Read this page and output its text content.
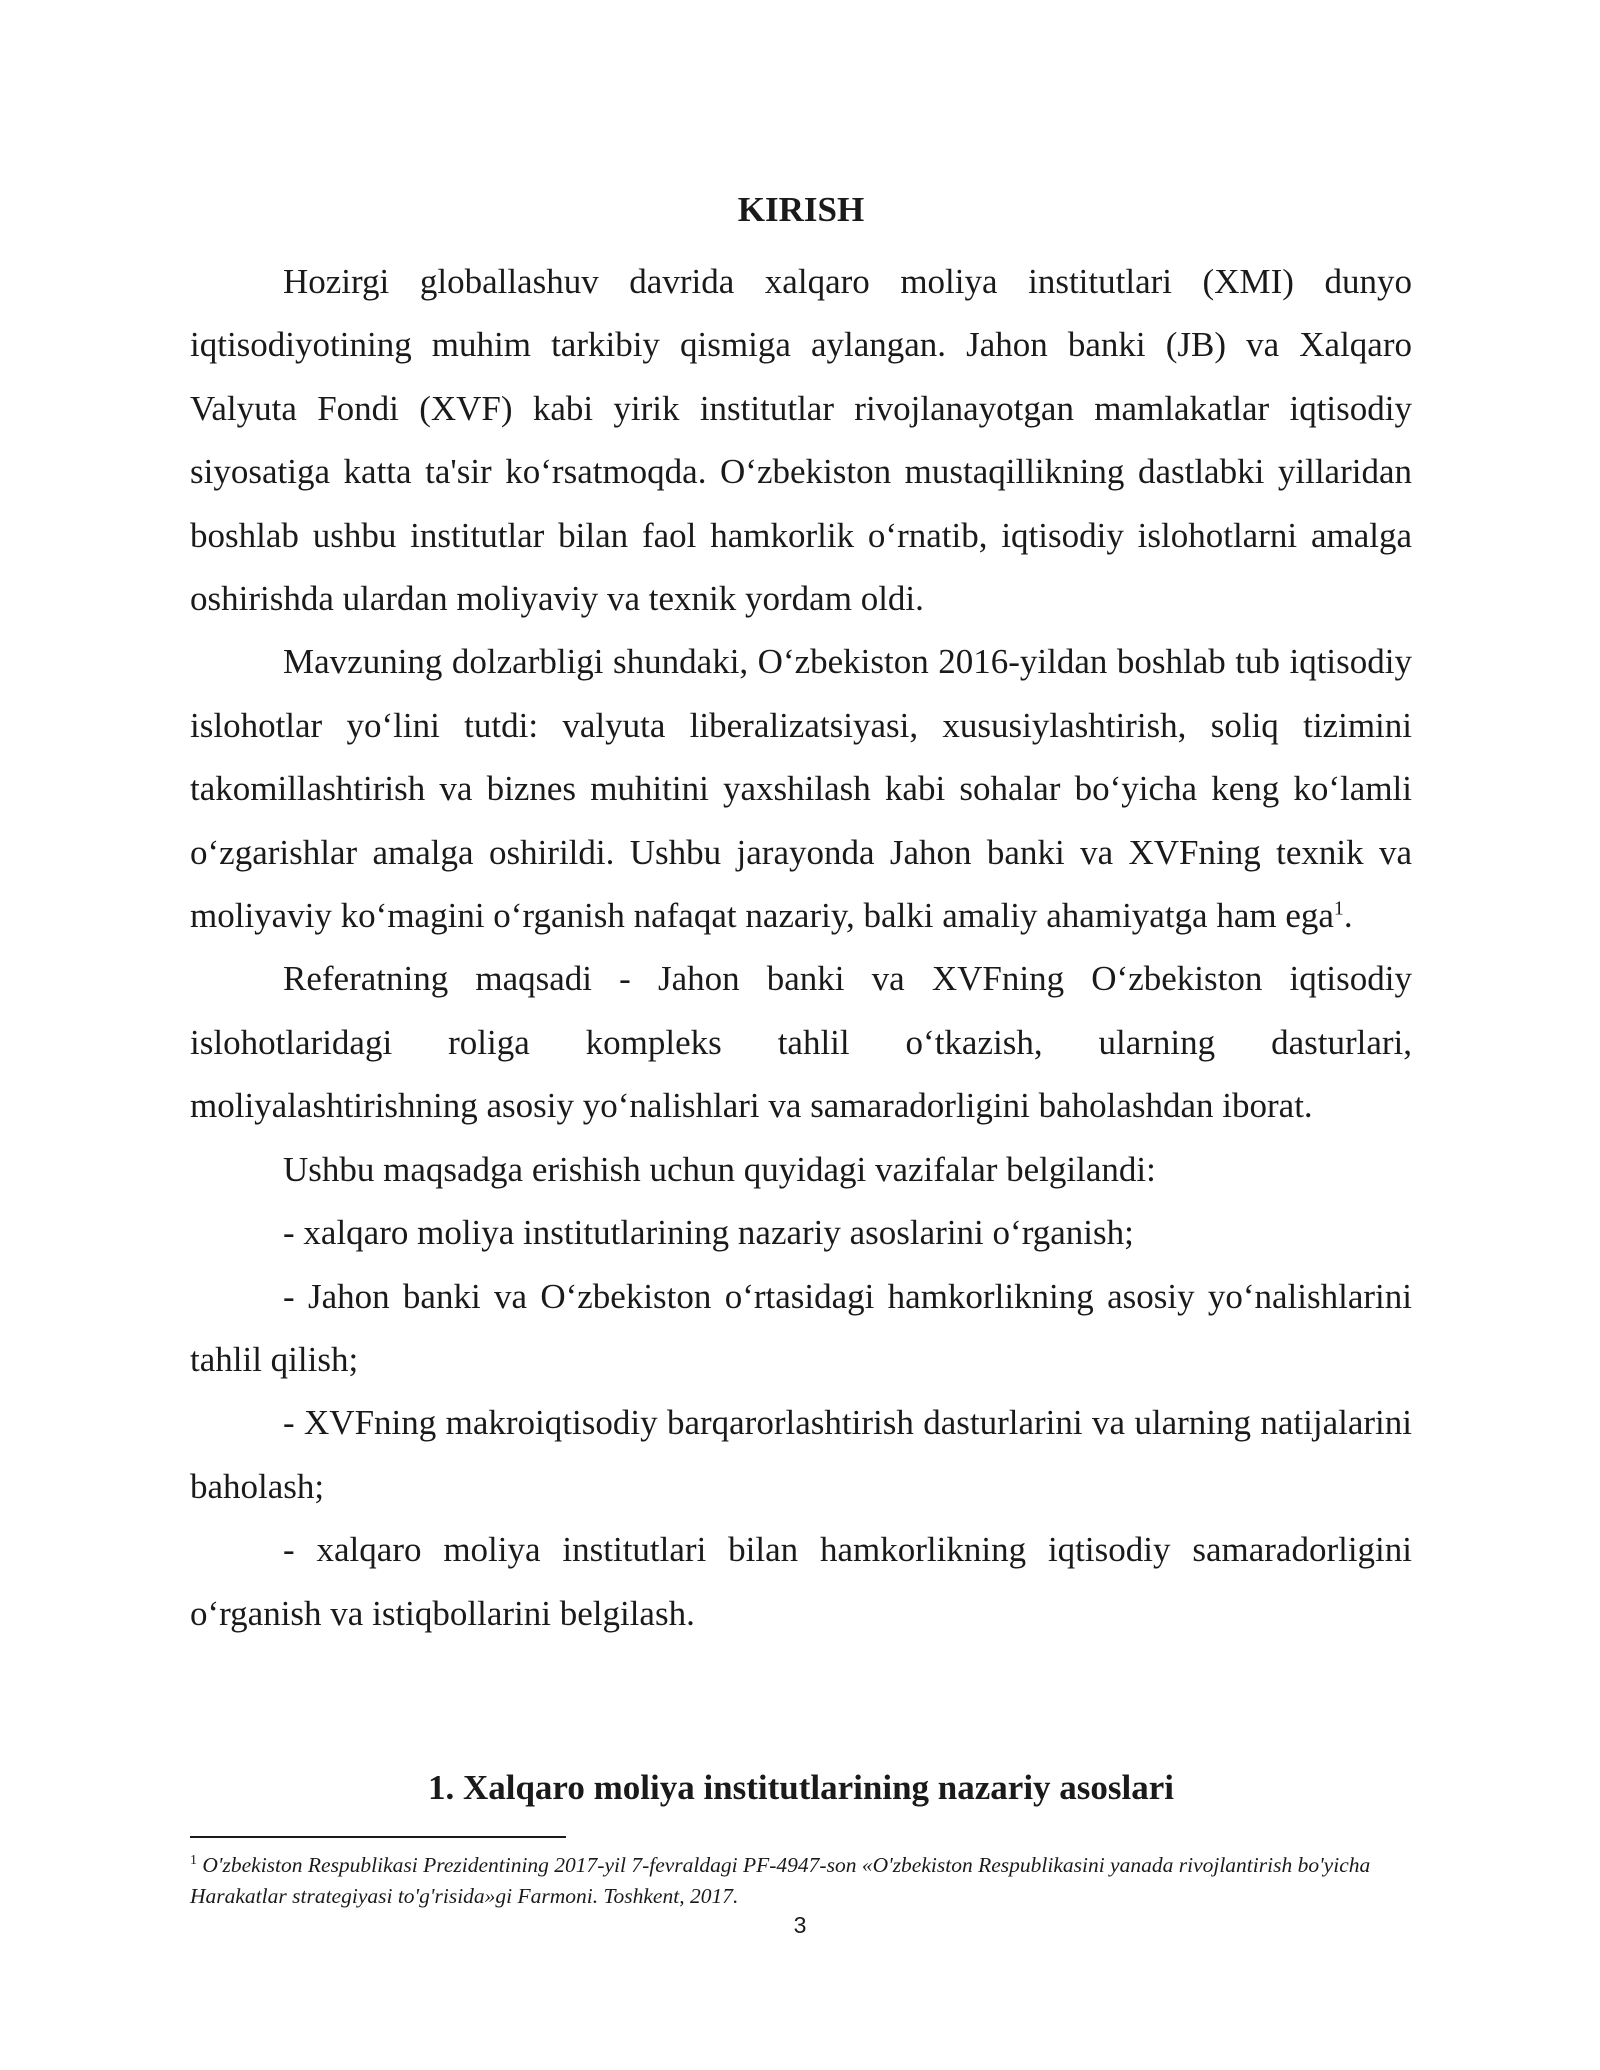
KIRISH

Hozirgi globallashuv davrida xalqaro moliya institutlari (XMI) dunyo iqtisodiyotining muhim tarkibiy qismiga aylangan. Jahon banki (JB) va Xalqaro Valyuta Fondi (XVF) kabi yirik institutlar rivojlanayotgan mamlakatlar iqtisodiy siyosatiga katta ta'sir ko‘rsatmoqda. O‘zbekiston mustaqillikning dastlabki yillaridan boshlab ushbu institutlar bilan faol hamkorlik o‘rnatib, iqtisodiy islohotlarni amalga oshirishda ulardan moliyaviy va texnik yordam oldi.

Mavzuning dolzarbligi shundaki, O‘zbekiston 2016-yildan boshlab tub iqtisodiy islohotlar yo‘lini tutdi: valyuta liberalizatsiyasi, xususiylashtirish, soliq tizimini takomillashtirish va biznes muhitini yaxshilash kabi sohalar bo‘yicha keng ko‘lamli o‘zgarishlar amalga oshirildi. Ushbu jarayonda Jahon banki va XVFning texnik va moliyaviy ko‘magini o‘rganish nafaqat nazariy, balki amaliy ahamiyatga ham ega$^1$.

Referatning maqsadi - Jahon banki va XVFning O‘zbekiston iqtisodiy islohotlaridagi roliga kompleks tahlil o‘tkazish, ularning dasturlari, moliyalashtirishning asosiy yo‘nalishlari va samaradorligini baholashdan iborat.

Ushbu maqsadga erishish uchun quyidagi vazifalar belgilandi:

- xalqaro moliya institutlarining nazariy asoslarini o‘rganish;

- Jahon banki va O‘zbekiston o‘rtasidagi hamkorlikning asosiy yo‘nalishlarini tahlil qilish;

- XVFning makroiqtisodiy barqarorlashtirish dasturlarini va ularning natijalarini baholash;

- xalqaro moliya institutlari bilan hamkorlikning iqtisodiy samaradorligini o‘rganish va istiqbollarini belgilash.

1. Xalqaro moliya institutlarining nazariy asoslari

$^1$ O'zbekiston Respublikasi Prezidentining 2017-yil 7-fevraldagi PF-4947-son «O'zbekiston Respublikasini yanada rivojlantirish bo'yicha Harakatlar strategiyasi to'g'risida»gi Farmoni. Toshkent, 2017.

3
